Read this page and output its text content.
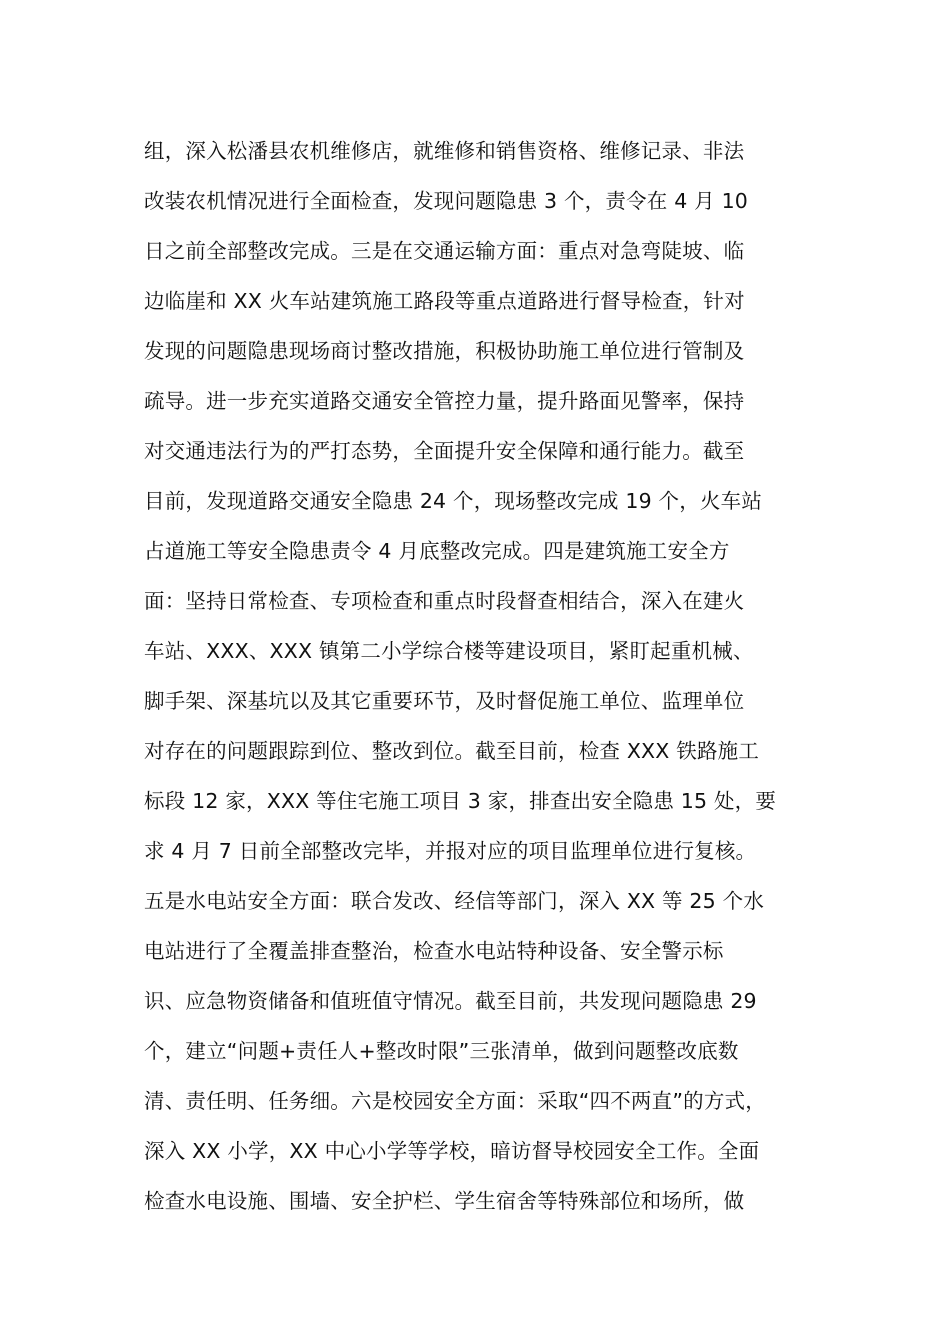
组，深入松潘县农机维修店，就维修和销售资格、维修记录、非法
改装农机情况进行全面检查，发现问题隐患 3 个，责令在 4 月 10
日之前全部整改完成。三是在交通运输方面：重点对急弯陡坡、临
边临崖和 XX 火车站建筑施工路段等重点道路进行督导检查，针对
发现的问题隐患现场商讨整改措施，积极协助施工单位进行管制及
疏导。进一步充实道路交通安全管控力量，提升路面见警率，保持
对交通违法行为的严打态势，全面提升安全保障和通行能力。截至
目前，发现道路交通安全隐患 24 个，现场整改完成 19 个，火车站
占道施工等安全隐患责令 4 月底整改完成。四是建筑施工安全方
面：坚持日常检查、专项检查和重点时段督查相结合，深入在建火
车站、XXX、XXX 镇第二小学综合楼等建设项目，紧盯起重机械、
脚手架、深基坑以及其它重要环节，及时督促施工单位、监理单位
对存在的问题跟踪到位、整改到位。截至目前，检查 XXX 铁路施工
标段 12 家，XXX 等住宅施工项目 3 家，排查出安全隐患 15 处，要
求 4 月 7 日前全部整改完毕，并报对应的项目监理单位进行复核。
五是水电站安全方面：联合发改、经信等部门，深入 XX 等 25 个水
电站进行了全覆盖排查整治，检查水电站特种设备、安全警示标
识、应急物资储备和值班值守情况。截至目前，共发现问题隐患 29
个，建立“问题+责任人+整改时限”三张清单，做到问题整改底数
清、责任明、任务细。六是校园安全方面：采取“四不两直”的方式，
深入 XX 小学，XX 中心小学等学校，暗访督导校园安全工作。全面
检查水电设施、围墙、安全护栏、学生宿舍等特殊部位和场所，做
